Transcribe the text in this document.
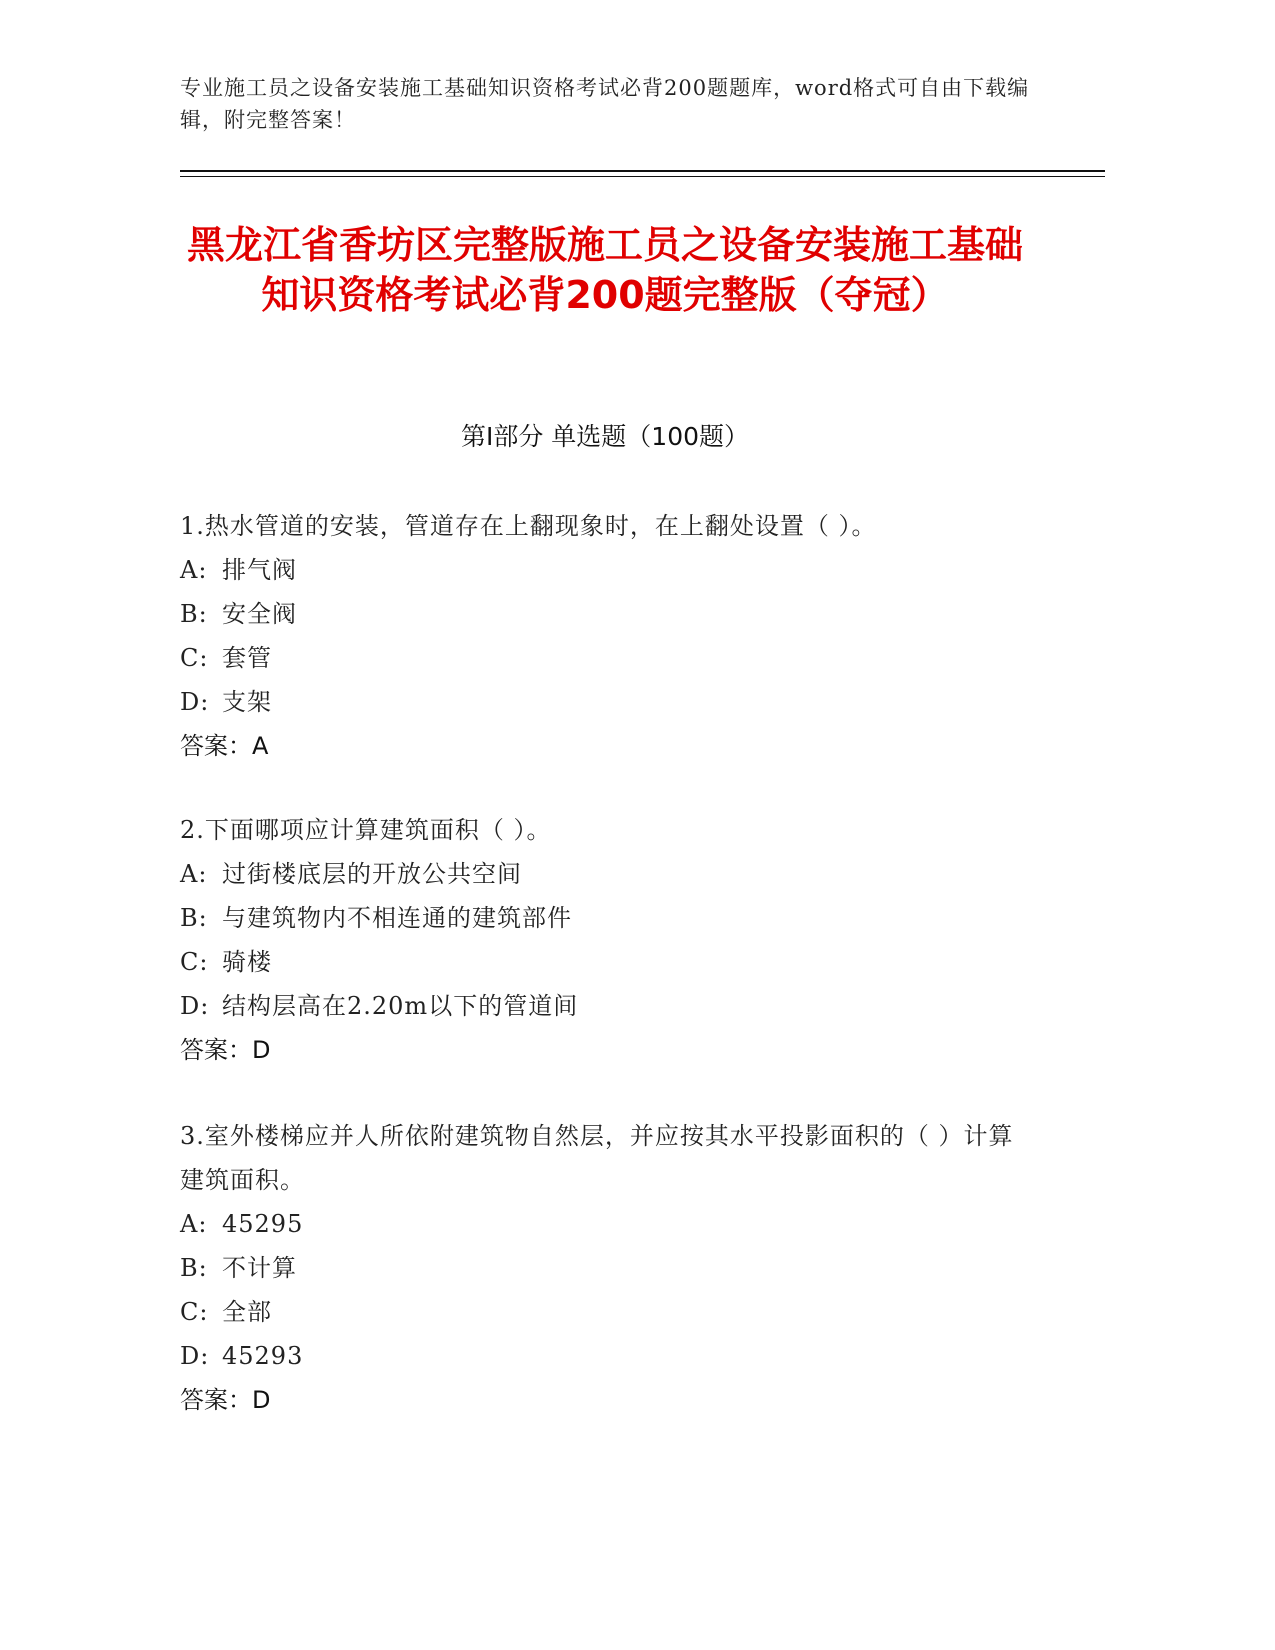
专业施工员之设备安装施工基础知识资格考试必背200题题库，word格式可自由下载编辑，附完整答案！
黑龙江省香坊区完整版施工员之设备安装施工基础知识资格考试必背200题完整版（夺冠）
第I部分 单选题（100题）
1.热水管道的安装，管道存在上翻现象时，在上翻处设置（ ）。
A: 排气阀
B: 安全阀
C: 套管
D: 支架
答案：A
2.下面哪项应计算建筑面积（ ）。
A: 过街楼底层的开放公共空间
B: 与建筑物内不相连通的建筑部件
C: 骑楼
D: 结构层高在2.20m以下的管道间
答案：D
3.室外楼梯应并人所依附建筑物自然层，并应按其水平投影面积的（ ）计算建筑面积。
A: 45295
B: 不计算
C: 全部
D: 45293
答案：D
